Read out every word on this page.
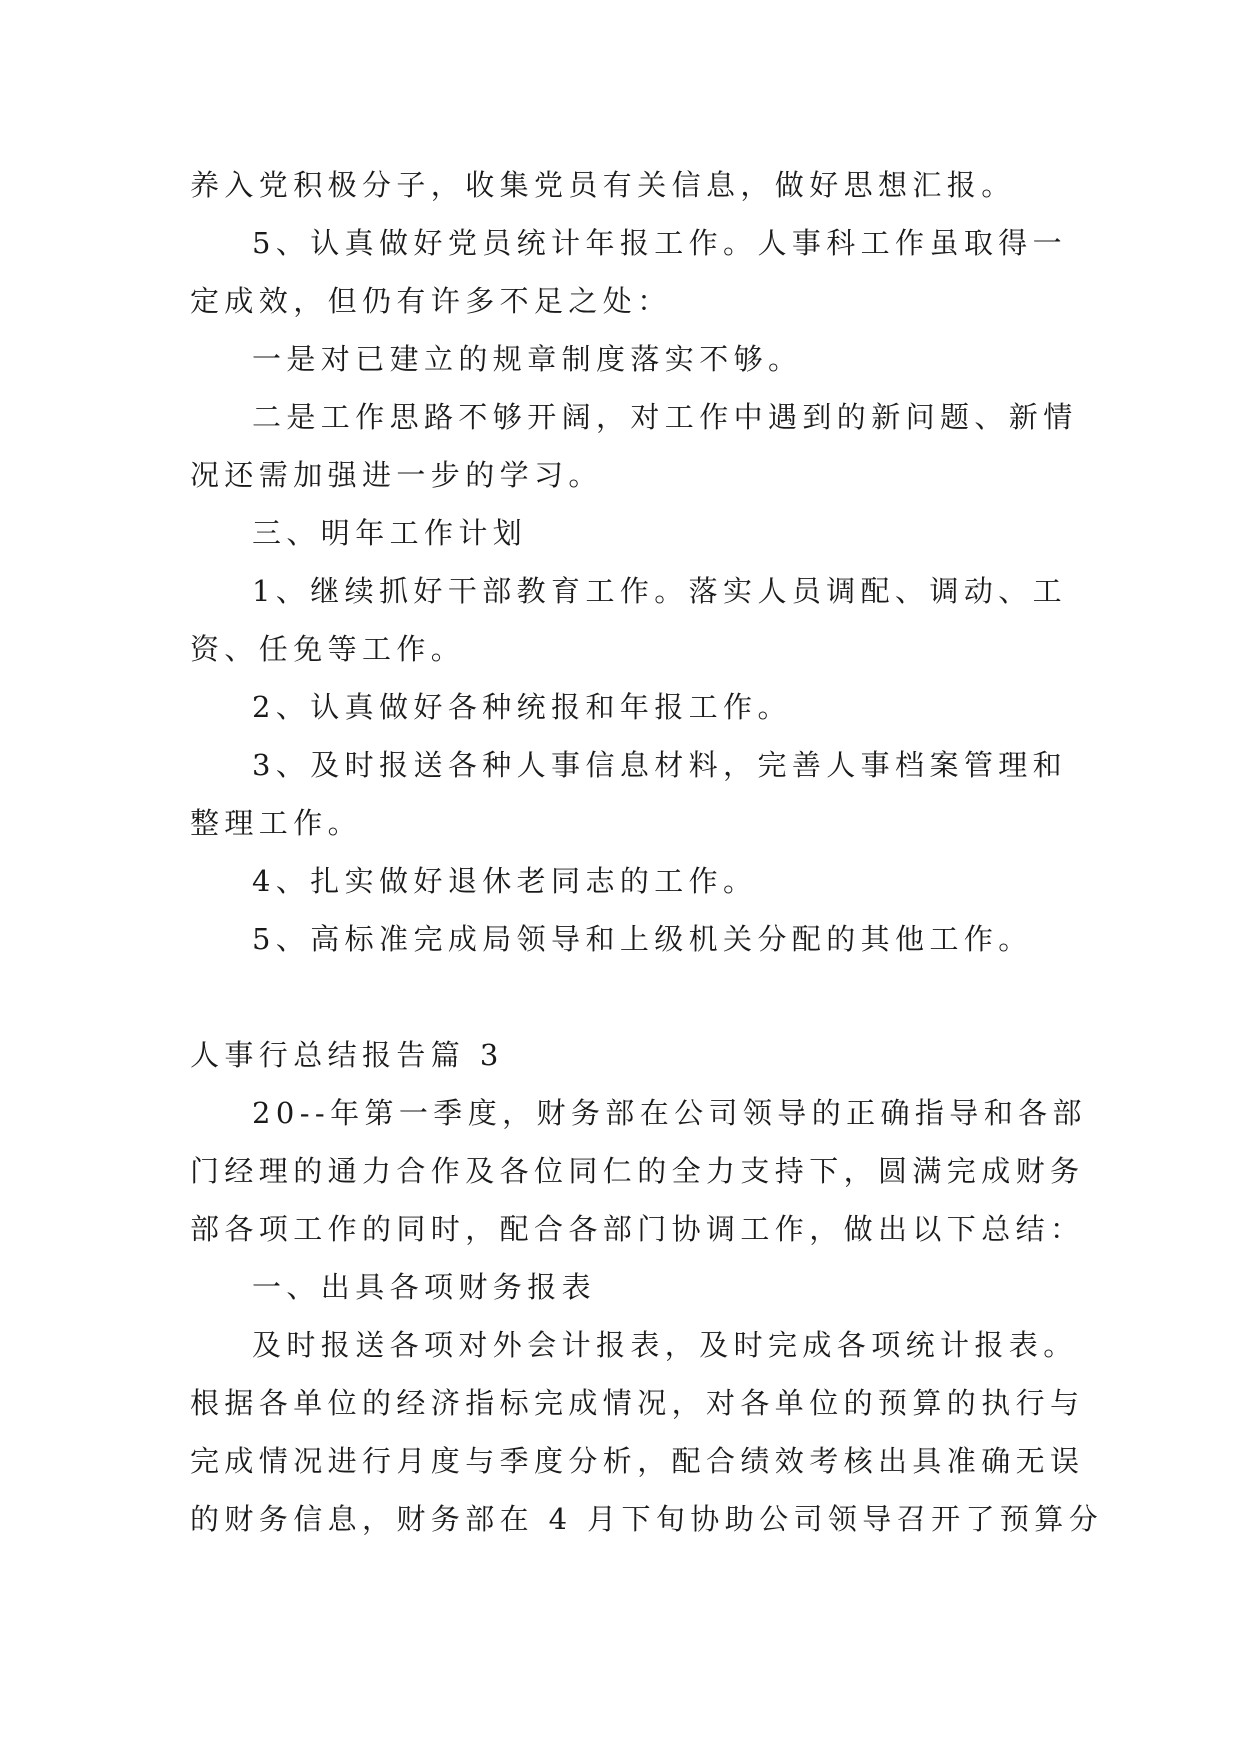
养入党积极分子，收集党员有关信息，做好思想汇报。
5、认真做好党员统计年报工作。人事科工作虽取得一
定成效，但仍有许多不足之处：
一是对已建立的规章制度落实不够。
二是工作思路不够开阔，对工作中遇到的新问题、新情
况还需加强进一步的学习。
三、明年工作计划
1、继续抓好干部教育工作。落实人员调配、调动、工
资、任免等工作。
2、认真做好各种统报和年报工作。
3、及时报送各种人事信息材料，完善人事档案管理和
整理工作。
4、扎实做好退休老同志的工作。
5、高标准完成局领导和上级机关分配的其他工作。
人事行总结报告篇 3
20--年第一季度，财务部在公司领导的正确指导和各部
门经理的通力合作及各位同仁的全力支持下，圆满完成财务
部各项工作的同时，配合各部门协调工作，做出以下总结：
一、出具各项财务报表
及时报送各项对外会计报表，及时完成各项统计报表。
根据各单位的经济指标完成情况，对各单位的预算的执行与
完成情况进行月度与季度分析，配合绩效考核出具准确无误
的财务信息，财务部在 4 月下旬协助公司领导召开了预算分
